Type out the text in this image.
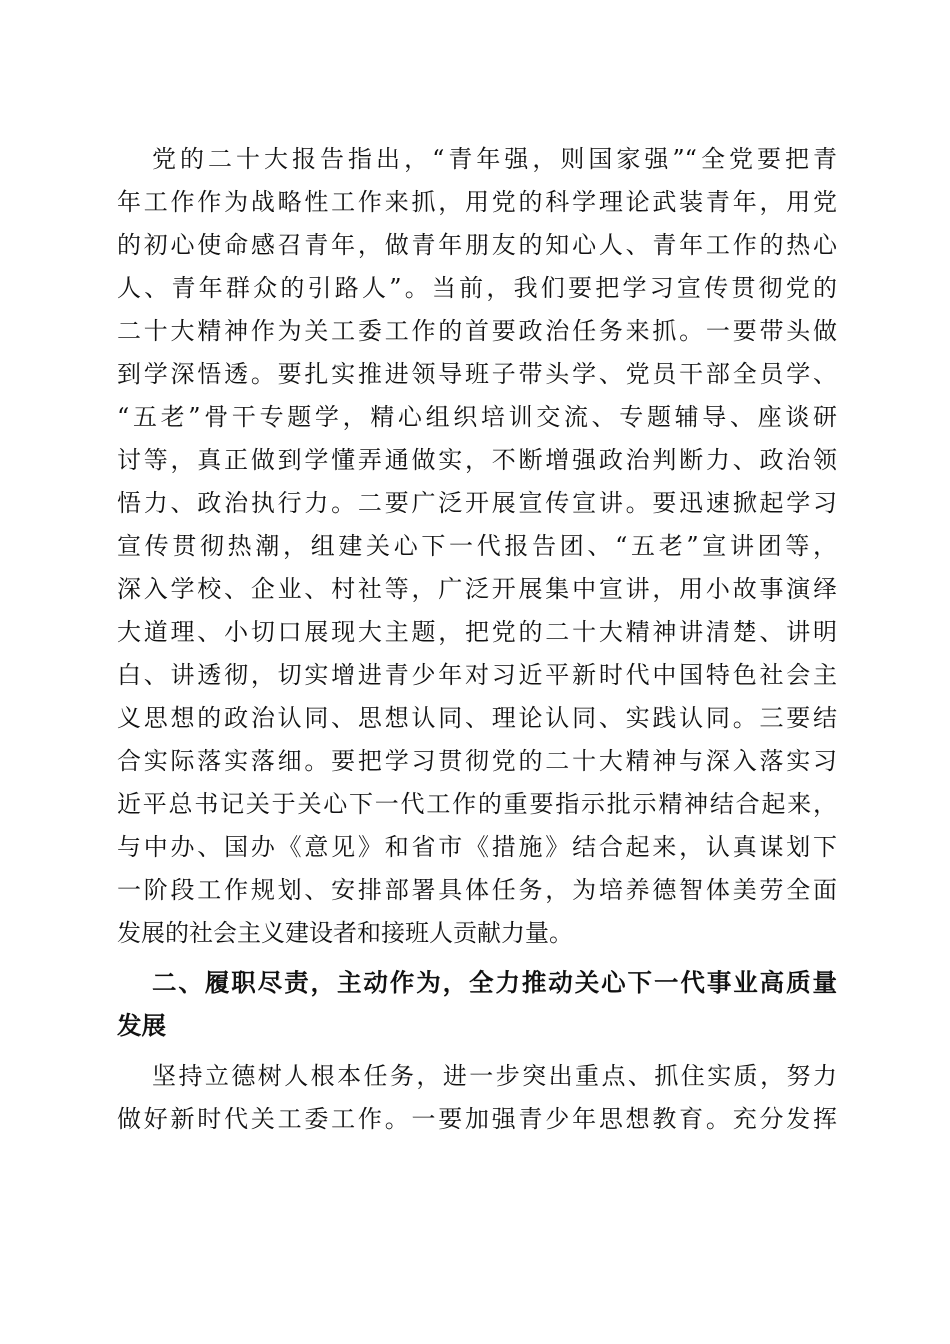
党的二十大报告指出，“青年强，则国家强”“全党要把青
年工作作为战略性工作来抓，用党的科学理论武装青年，用党
的初心使命感召青年，做青年朋友的知心人、青年工作的热心
人、青年群众的引路人”。当前，我们要把学习宣传贯彻党的
二十大精神作为关工委工作的首要政治任务来抓。一要带头做
到学深悟透。要扎实推进领导班子带头学、党员干部全员学、
“五老”骨干专题学，精心组织培训交流、专题辅导、座谈研
讨等，真正做到学懂弄通做实，不断增强政治判断力、政治领
悟力、政治执行力。二要广泛开展宣传宣讲。要迅速掀起学习
宣传贯彻热潮，组建关心下一代报告团、“五老”宣讲团等，
深入学校、企业、村社等，广泛开展集中宣讲，用小故事演绎
大道理、小切口展现大主题，把党的二十大精神讲清楚、讲明
白、讲透彻，切实增进青少年对习近平新时代中国特色社会主
义思想的政治认同、思想认同、理论认同、实践认同。三要结
合实际落实落细。要把学习贯彻党的二十大精神与深入落实习
近平总书记关于关心下一代工作的重要指示批示精神结合起来，
与中办、国办《意见》和省市《措施》结合起来，认真谋划下
一阶段工作规划、安排部署具体任务，为培养德智体美劳全面
发展的社会主义建设者和接班人贡献力量。
二、履职尽责，主动作为，全力推动关心下一代事业高质量
发展
坚持立德树人根本任务，进一步突出重点、抓住实质，努力
做好新时代关工委工作。一要加强青少年思想教育。充分发挥
